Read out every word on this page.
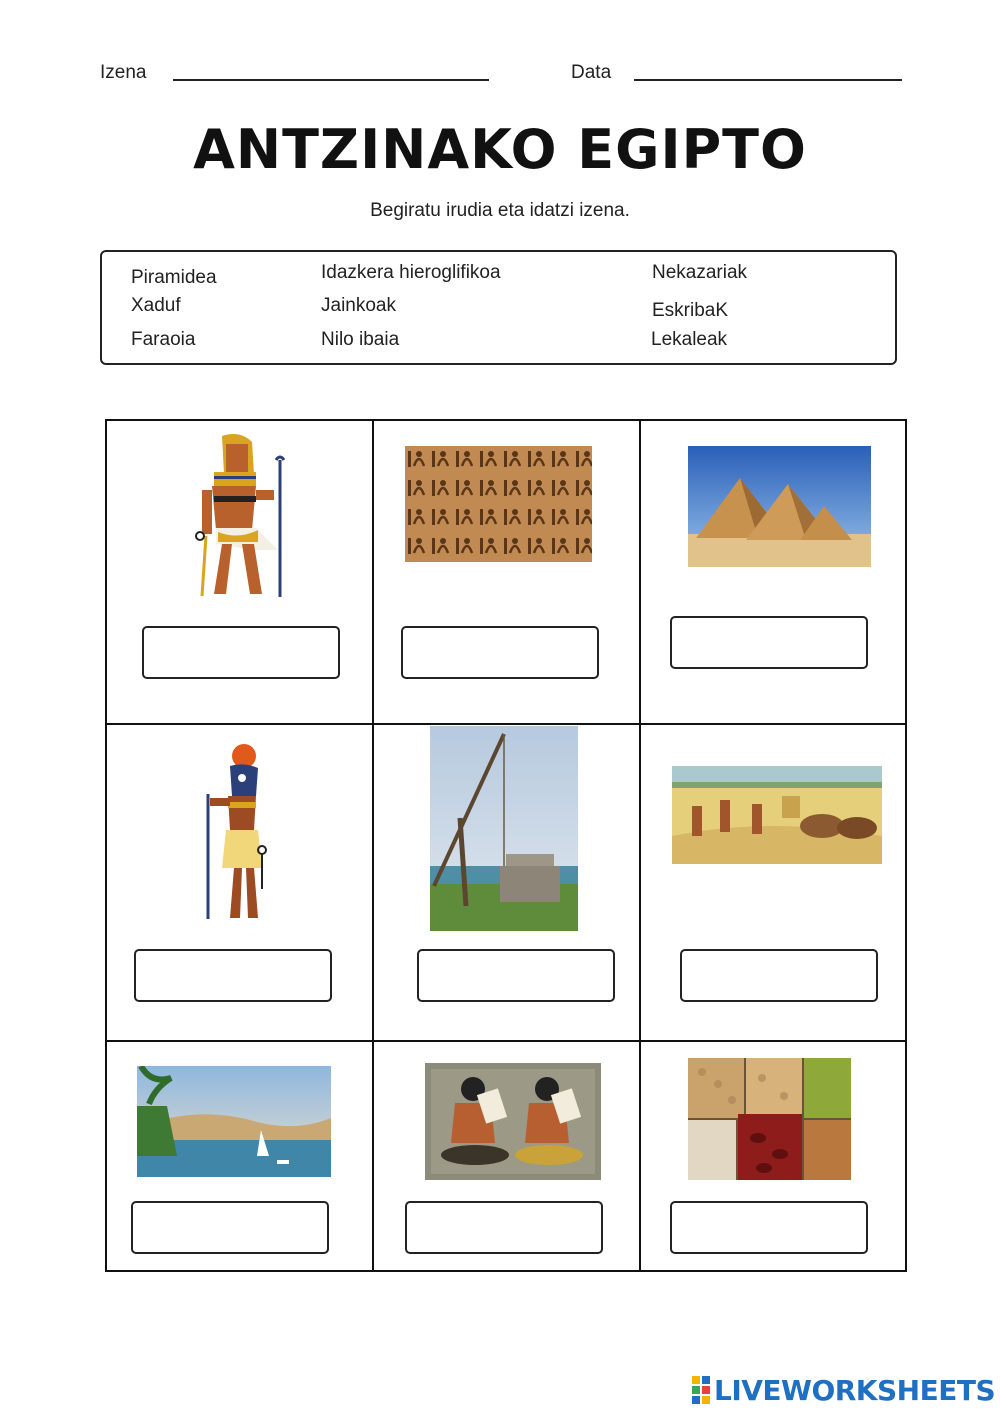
Izena	Data
ANTZINAKO EGIPTO
Begiratu irudia eta idatzi izena.
Piramidea
Xaduf
Faraoia
Idazkera hieroglifikoa
Jainkoak
Nilo ibaia
Nekazariak
EskribaK
Lekaleak
LIVEWORKSHEETS
